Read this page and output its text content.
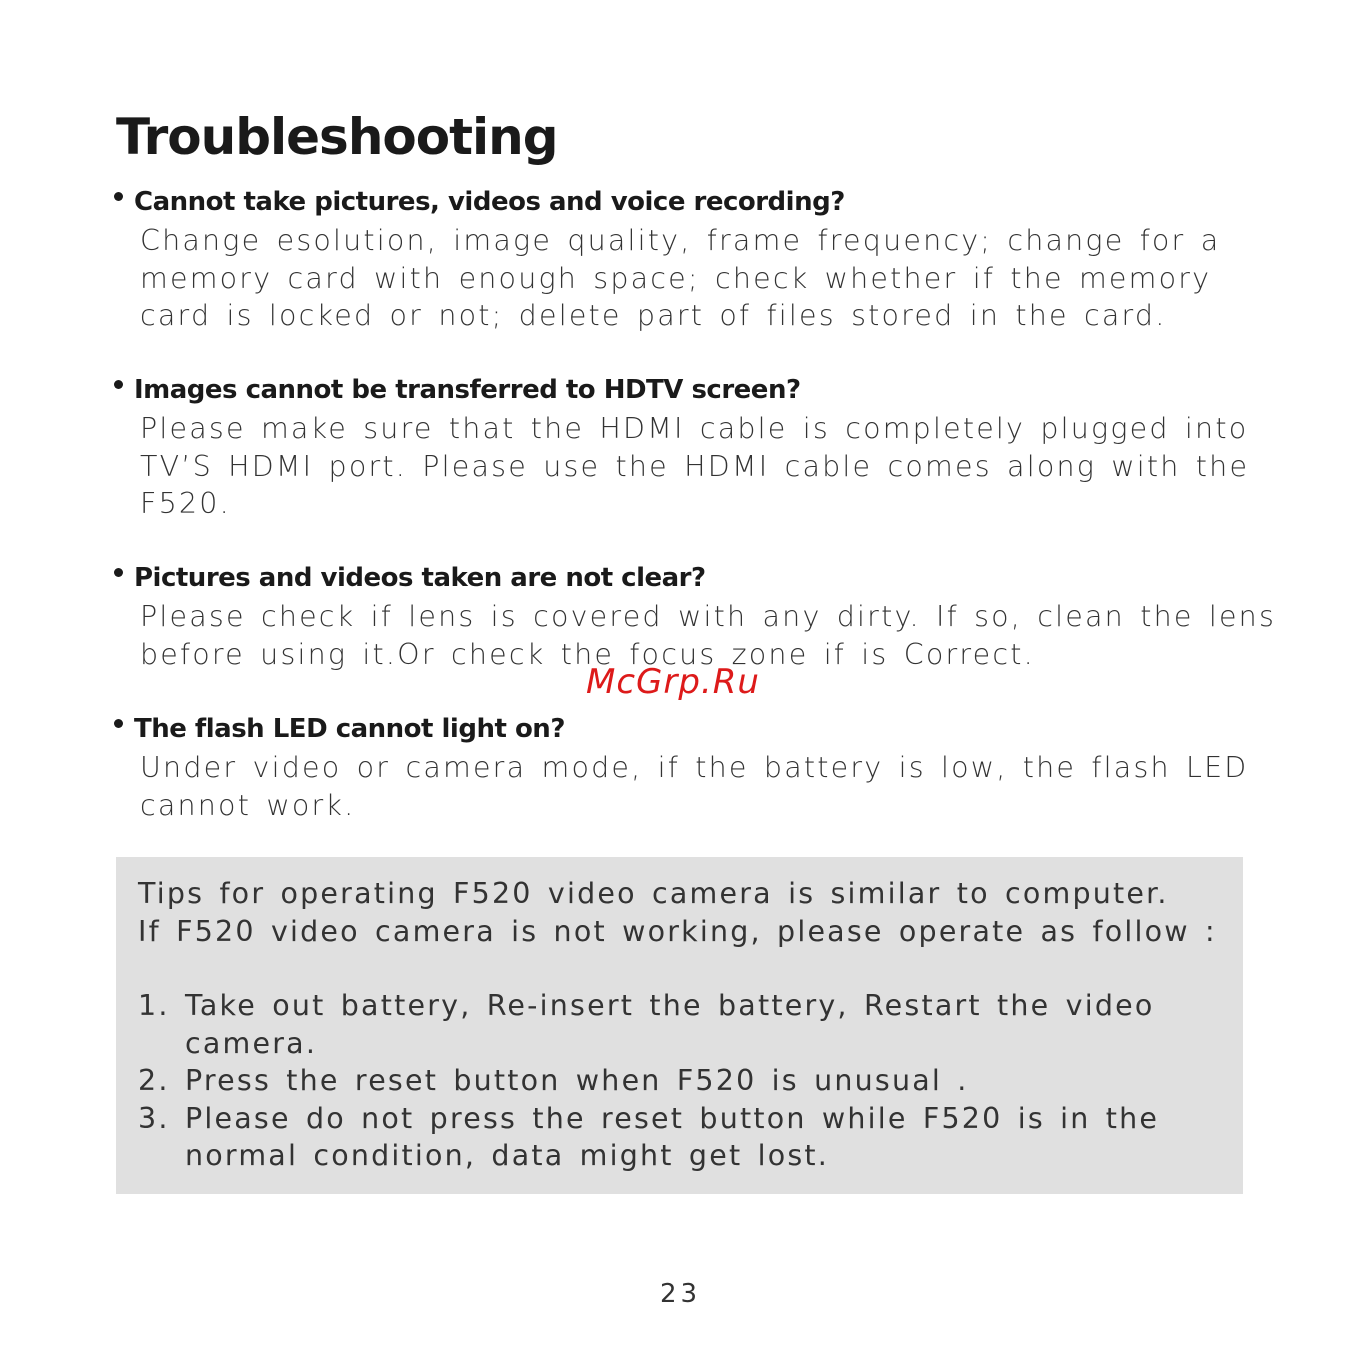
Troubleshooting
Cannot take pictures, videos and voice recording?
Change esolution, image quality, frame frequency; change for a
memory card with enough space; check whether if the memory
card is locked or not; delete part of files stored in the card.
Images cannot be transferred to HDTV screen?
Please make sure that the HDMI cable is completely plugged into
TV’S HDMI port. Please use the HDMI cable comes along with the
F520.
Pictures and videos taken are not clear?
Please check if lens is covered with any dirty. If so, clean the lens
before using it.Or check the focus zone if is Correct.
McGrp.Ru
The flash LED cannot light on?
Under video or camera mode, if the battery is low, the flash LED
cannot work.
Tips for operating F520 video camera is similar to computer.
If F520 video camera is not working, please operate as follow :
1. Take out battery, Re-insert the battery, Restart the video
camera.
2. Press the reset button when F520 is unusual .
3. Please do not press the reset button while F520 is in the
normal condition, data might get lost.
23
